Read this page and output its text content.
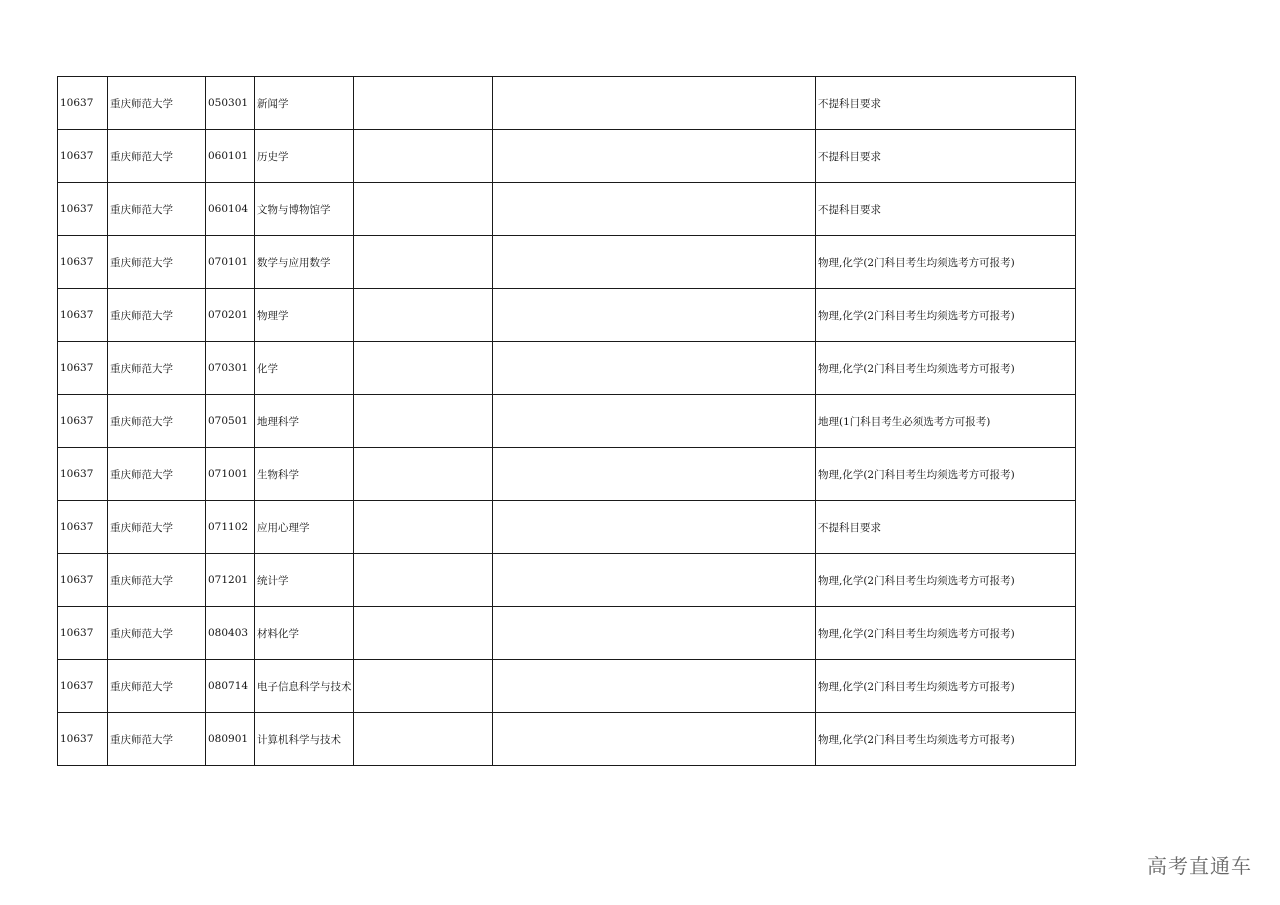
10637	重庆师范大学	050301	新闻学			不提科目要求
10637	重庆师范大学	060101	历史学			不提科目要求
10637	重庆师范大学	060104	文物与博物馆学			不提科目要求
10637	重庆师范大学	070101	数学与应用数学			物理,化学(2门科目考生均须选考方可报考)
10637	重庆师范大学	070201	物理学			物理,化学(2门科目考生均须选考方可报考)
10637	重庆师范大学	070301	化学			物理,化学(2门科目考生均须选考方可报考)
10637	重庆师范大学	070501	地理科学			地理(1门科目考生必须选考方可报考)
10637	重庆师范大学	071001	生物科学			物理,化学(2门科目考生均须选考方可报考)
10637	重庆师范大学	071102	应用心理学			不提科目要求
10637	重庆师范大学	071201	统计学			物理,化学(2门科目考生均须选考方可报考)
10637	重庆师范大学	080403	材料化学			物理,化学(2门科目考生均须选考方可报考)
10637	重庆师范大学	080714	电子信息科学与技术			物理,化学(2门科目考生均须选考方可报考)
10637	重庆师范大学	080901	计算机科学与技术			物理,化学(2门科目考生均须选考方可报考)
高考直通车
